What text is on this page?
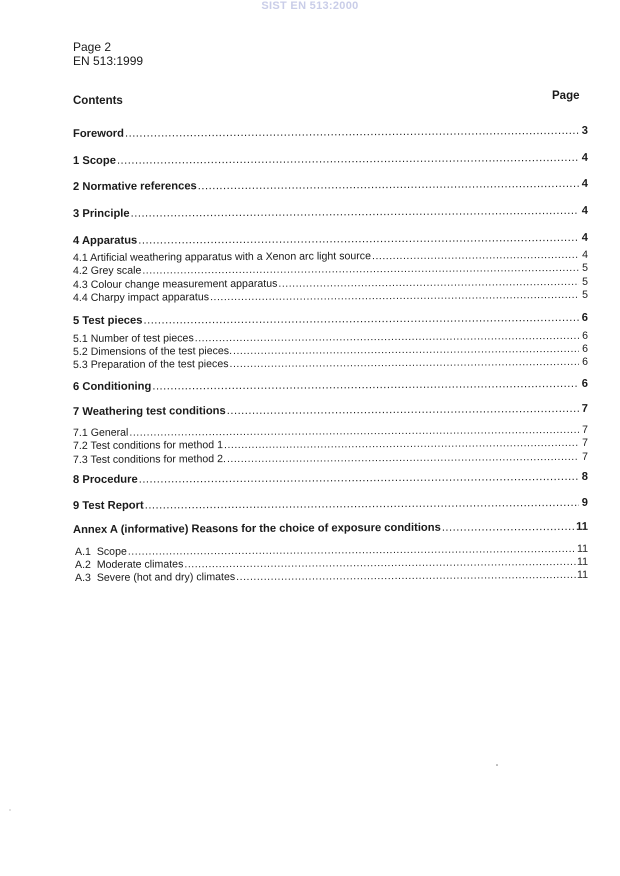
SIST EN 513:2000
Page 2
EN 513:1999
Contents	Page
Foreword .....	3
1 Scope .....	4
2 Normative references .....	4
3 Principle .....	4
4 Apparatus .....	4
4.1 Artificial weathering apparatus with a Xenon arc light source .....	4
4.2 Grey scale .....	5
4.3 Colour change measurement apparatus .....	5
4.4 Charpy impact apparatus .....	5
5 Test pieces .....	6
5.1 Number of test pieces .....	6
5.2 Dimensions of the test pieces. .....	6
5.3 Preparation of the test pieces .....	6
6 Conditioning .....	6
7 Weathering test conditions .....	7
7.1 General .....	7
7.2 Test conditions for method 1 .....	7
7.3 Test conditions for method 2. .....	7
8 Procedure .....	8
9 Test Report .....	9
Annex A (informative) Reasons for the choice of exposure conditions .....	11
A.1 Scope .....	11
A.2 Moderate climates .....	11
A.3 Severe (hot and dry) climates .....	11
